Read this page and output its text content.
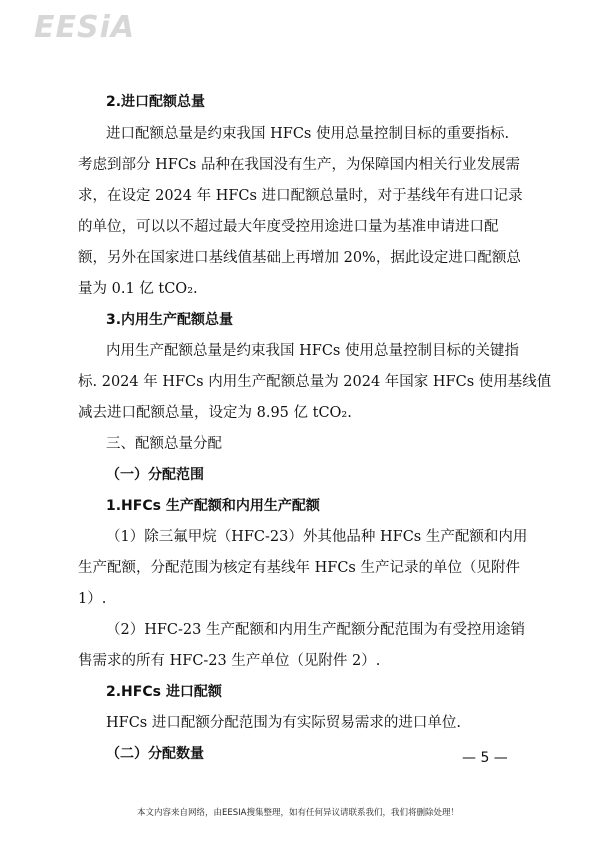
EESiA
2.进口配额总量
进口配额总量是约束我国 HFCs 使用总量控制目标的重要指标.
考虑到部分 HFCs 品种在我国没有生产，为保障国内相关行业发展需
求，在设定 2024 年 HFCs 进口配额总量时，对于基线年有进口记录
的单位，可以以不超过最大年度受控用途进口量为基准申请进口配
额，另外在国家进口基线值基础上再增加 20%，据此设定进口配额总
量为 0.1 亿 tCO₂.
3.内用生产配额总量
内用生产配额总量是约束我国 HFCs 使用总量控制目标的关键指
标. 2024 年 HFCs 内用生产配额总量为 2024 年国家 HFCs 使用基线值
减去进口配额总量，设定为 8.95 亿 tCO₂.
三、配额总量分配
（一）分配范围
1.HFCs 生产配额和内用生产配额
（1）除三氟甲烷（HFC-23）外其他品种 HFCs 生产配额和内用
生产配额，分配范围为核定有基线年 HFCs 生产记录的单位（见附件
1）.
（2）HFC-23 生产配额和内用生产配额分配范围为有受控用途销
售需求的所有 HFC-23 生产单位（见附件 2）.
2.HFCs 进口配额
HFCs 进口配额分配范围为有实际贸易需求的进口单位.
（二）分配数量	— 5 —
本文内容来自网络，由EESIA搜集整理，如有任何异议请联系我们，我们将删除处理！
